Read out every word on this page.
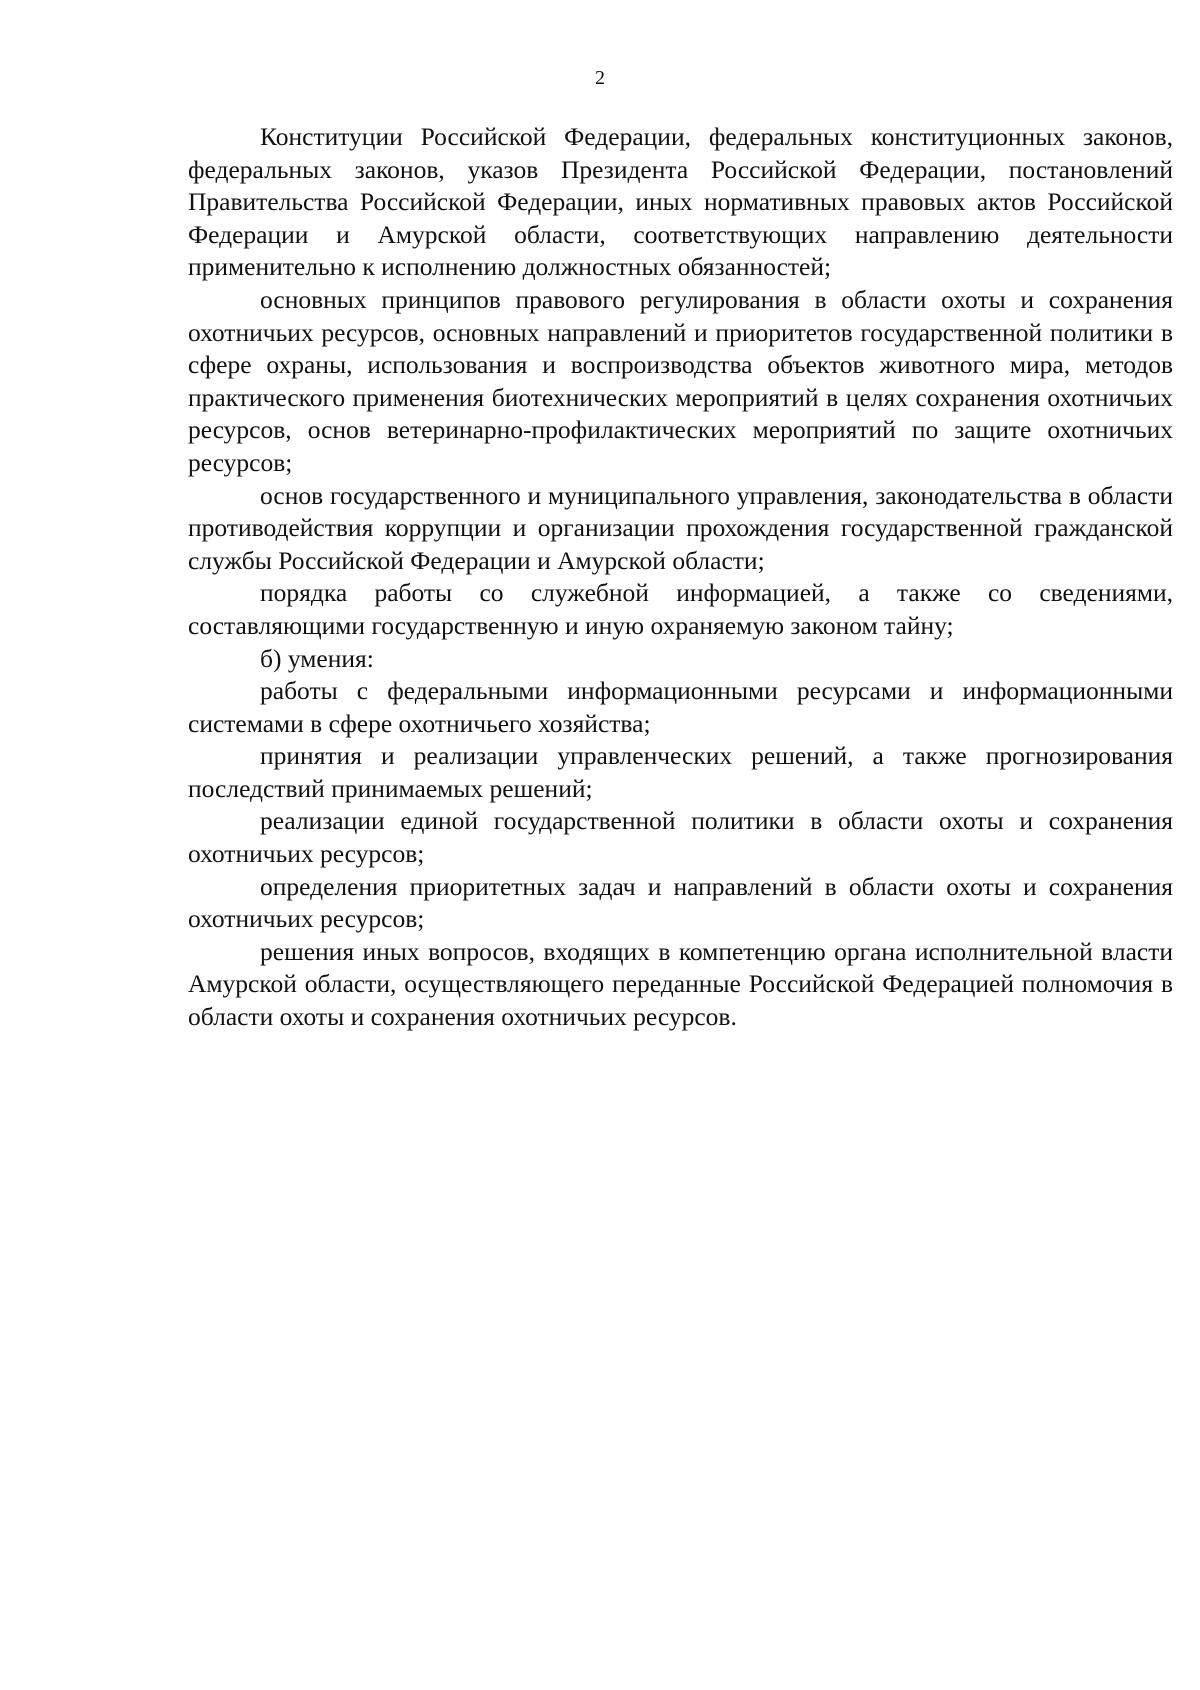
2

Конституции Российской Федерации, федеральных конституционных законов, федеральных законов, указов Президента Российской Федерации, постановлений Правительства Российской Федерации, иных нормативных правовых актов Российской Федерации и Амурской области, соответствующих направлению деятельности применительно к исполнению должностных обязанностей;

основных принципов правового регулирования в области охоты и сохранения охотничьих ресурсов, основных направлений и приоритетов государственной политики в сфере охраны, использования и воспроизводства объектов животного мира, методов практического применения биотехнических мероприятий в целях сохранения охотничьих ресурсов, основ ветеринарно-профилактических мероприятий по защите охотничьих ресурсов;

основ государственного и муниципального управления, законодательства в области противодействия коррупции и организации прохождения государственной гражданской службы Российской Федерации и Амурской области;

порядка работы со служебной информацией, а также со сведениями, составляющими государственную и иную охраняемую законом тайну;

б) умения:

работы с федеральными информационными ресурсами и информационными системами в сфере охотничьего хозяйства;

принятия и реализации управленческих решений, а также прогнозирования последствий принимаемых решений;

реализации единой государственной политики в области охоты и сохранения охотничьих ресурсов;

определения приоритетных задач и направлений в области охоты и сохранения охотничьих ресурсов;

решения иных вопросов, входящих в компетенцию органа исполнительной власти Амурской области, осуществляющего переданные Российской Федерацией полномочия в области охоты и сохранения охотничьих ресурсов.
